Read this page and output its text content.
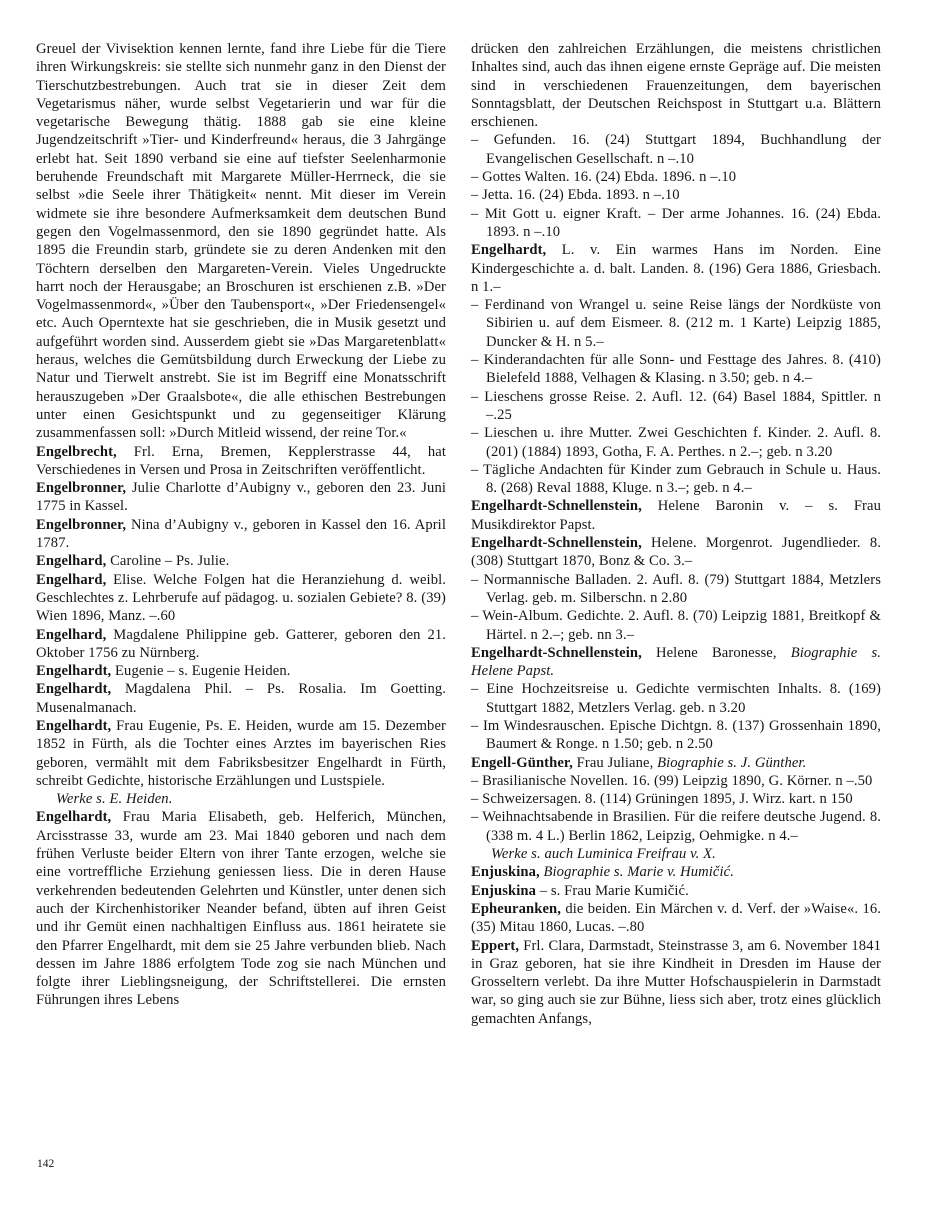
Greuel der Vivisektion kennen lernte, fand ihre Liebe für die Tiere ihren Wirkungskreis: sie stellte sich nunmehr ganz in den Dienst der Tierschutzbestrebungen. Auch trat sie in dieser Zeit dem Vegetarismus näher, wurde selbst Vegetarierin und war für die vegetarische Bewegung thätig. 1888 gab sie eine kleine Jugendzeitschrift »Tier- und Kinderfreund« heraus, die 3 Jahrgänge erlebt hat. Seit 1890 verband sie eine auf tiefster Seelenharmonie beruhende Freundschaft mit Margarete Müller-Herrneck, die sie selbst »die Seele ihrer Thätigkeit« nennt. Mit dieser im Verein widmete sie ihre besondere Aufmerksamkeit dem deutschen Bund gegen den Vogelmassenmord, den sie 1890 gegründet hatte. Als 1895 die Freundin starb, gründete sie zu deren Andenken mit den Töchtern derselben den Margareten-Verein. Vieles Ungedruckte harrt noch der Herausgabe; an Broschuren ist erschienen z.B. »Der Vogelmassenmord«, »Über den Taubensport«, »Der Friedensengel« etc. Auch Operntexte hat sie geschrieben, die in Musik gesetzt und aufgeführt worden sind. Ausserdem giebt sie »Das Margaretenblatt« heraus, welches die Gemütsbildung durch Erweckung der Liebe zu Natur und Tierwelt anstrebt. Sie ist im Begriff eine Monatsschrift herauszugeben »Der Graalsbote«, die alle ethischen Bestrebungen unter einen Gesichtspunkt und zu gegenseitiger Klärung zusammenfassen soll: »Durch Mitleid wissend, der reine Tor.«

Engelbrecht, Frl. Erna, Bremen, Kepplerstrasse 44, hat Verschiedenes in Versen und Prosa in Zeitschriften veröffentlicht.

Engelbronner, Julie Charlotte d’Aubigny v., geboren den 23. Juni 1775 in Kassel.

Engelbronner, Nina d’Aubigny v., geboren in Kassel den 16. April 1787.

Engelhard, Caroline – Ps. Julie.

Engelhard, Elise. Welche Folgen hat die Heranziehung d. weibl. Geschlechtes z. Lehrberufe auf pädagog. u. sozialen Gebiete? 8. (39) Wien 1896, Manz. –.60

Engelhard, Magdalene Philippine geb. Gatterer, geboren den 21. Oktober 1756 zu Nürnberg.

Engelhardt, Eugenie – s. Eugenie Heiden.

Engelhardt, Magdalena Phil. – Ps. Rosalia. Im Goetting. Musenalmanach.

Engelhardt, Frau Eugenie, Ps. E. Heiden, wurde am 15. Dezember 1852 in Fürth, als die Tochter eines Arztes im bayerischen Ries geboren, vermählt mit dem Fabriksbesitzer Engelhardt in Fürth, schreibt Gedichte, historische Erzählungen und Lustspiele.

Werke s. E. Heiden.

Engelhardt, Frau Maria Elisabeth, geb. Helferich, München, Arcisstrasse 33, wurde am 23. Mai 1840 geboren und nach dem frühen Verluste beider Eltern von ihrer Tante erzogen, welche sie eine vortreffliche Erziehung geniessen liess. Die in deren Hause verkehrenden bedeutenden Gelehrten und Künstler, unter denen sich auch der Kirchenhistoriker Neander befand, übten auf ihren Geist und ihr Gemüt einen nachhaltigen Einfluss aus. 1861 heiratete sie den Pfarrer Engelhardt, mit dem sie 25 Jahre verbunden blieb. Nach dessen im Jahre 1886 erfolgtem Tode zog sie nach München und folgte ihrer Lieblingsneigung, der Schriftstellerei. Die ernsten Führungen ihres Lebens

drücken den zahlreichen Erzählungen, die meistens christlichen Inhaltes sind, auch das ihnen eigene ernste Gepräge auf. Die meisten sind in verschiedenen Frauenzeitungen, dem bayerischen Sonntagsblatt, der Deutschen Reichspost in Stuttgart u.a. Blättern erschienen.

– Gefunden. 16. (24) Stuttgart 1894, Buchhandlung der Evangelischen Gesellschaft. n –.10

– Gottes Walten. 16. (24) Ebda. 1896. n –.10

– Jetta. 16. (24) Ebda. 1893. n –.10

– Mit Gott u. eigner Kraft. – Der arme Johannes. 16. (24) Ebda. 1893. n –.10

Engelhardt, L. v. Ein warmes Hans im Norden. Eine Kindergeschichte a. d. balt. Landen. 8. (196) Gera 1886, Griesbach. n 1.–

– Ferdinand von Wrangel u. seine Reise längs der Nordküste von Sibirien u. auf dem Eismeer. 8. (212 m. 1 Karte) Leipzig 1885, Duncker & H. n 5.–

– Kinderandachten für alle Sonn- und Festtage des Jahres. 8. (410) Bielefeld 1888, Velhagen & Klasing. n 3.50; geb. n 4.–

– Lieschens grosse Reise. 2. Aufl. 12. (64) Basel 1884, Spittler. n –.25

– Lieschen u. ihre Mutter. Zwei Geschichten f. Kinder. 2. Aufl. 8. (201) (1884) 1893, Gotha, F. A. Perthes. n 2.–; geb. n 3.20

– Tägliche Andachten für Kinder zum Gebrauch in Schule u. Haus. 8. (268) Reval 1888, Kluge. n 3.–; geb. n 4.–

Engelhardt-Schnellenstein, Helene Baronin v. – s. Frau Musikdirektor Papst.

Engelhardt-Schnellenstein, Helene. Morgenrot. Jugendlieder. 8. (308) Stuttgart 1870, Bonz & Co. 3.–

– Normannische Balladen. 2. Aufl. 8. (79) Stuttgart 1884, Metzlers Verlag. geb. m. Silberschn. n 2.80

– Wein-Album. Gedichte. 2. Aufl. 8. (70) Leipzig 1881, Breitkopf & Härtel. n 2.–; geb. nn 3.–

Engelhardt-Schnellenstein, Helene Baronesse, Biographie s. Helene Papst.

– Eine Hochzeitsreise u. Gedichte vermischten Inhalts. 8. (169) Stuttgart 1882, Metzlers Verlag. geb. n 3.20

– Im Windesrauschen. Epische Dichtgn. 8. (137) Grossenhain 1890, Baumert & Ronge. n 1.50; geb. n 2.50

Engell-Günther, Frau Juliane, Biographie s. J. Günther.

– Brasilianische Novellen. 16. (99) Leipzig 1890, G. Körner. n –.50

– Schweizersagen. 8. (114) Grüningen 1895, J. Wirz. kart. n 150

– Weihnachtsabende in Brasilien. Für die reifere deutsche Jugend. 8. (338 m. 4 L.) Berlin 1862, Leipzig, Oehmigke. n 4.–

Werke s. auch Luminica Freifrau v. X.

Enjuskina, Biographie s. Marie v. Humičić.

Enjuskina – s. Frau Marie Kumičić.

Epheuranken, die beiden. Ein Märchen v. d. Verf. der »Waise«. 16. (35) Mitau 1860, Lucas. –.80

Eppert, Frl. Clara, Darmstadt, Steinstrasse 3, am 6. November 1841 in Graz geboren, hat sie ihre Kindheit in Dresden im Hause der Grosseltern verlebt. Da ihre Mutter Hofschauspielerin in Darmstadt war, so ging auch sie zur Bühne, liess sich aber, trotz eines glücklich gemachten Anfangs,

142
